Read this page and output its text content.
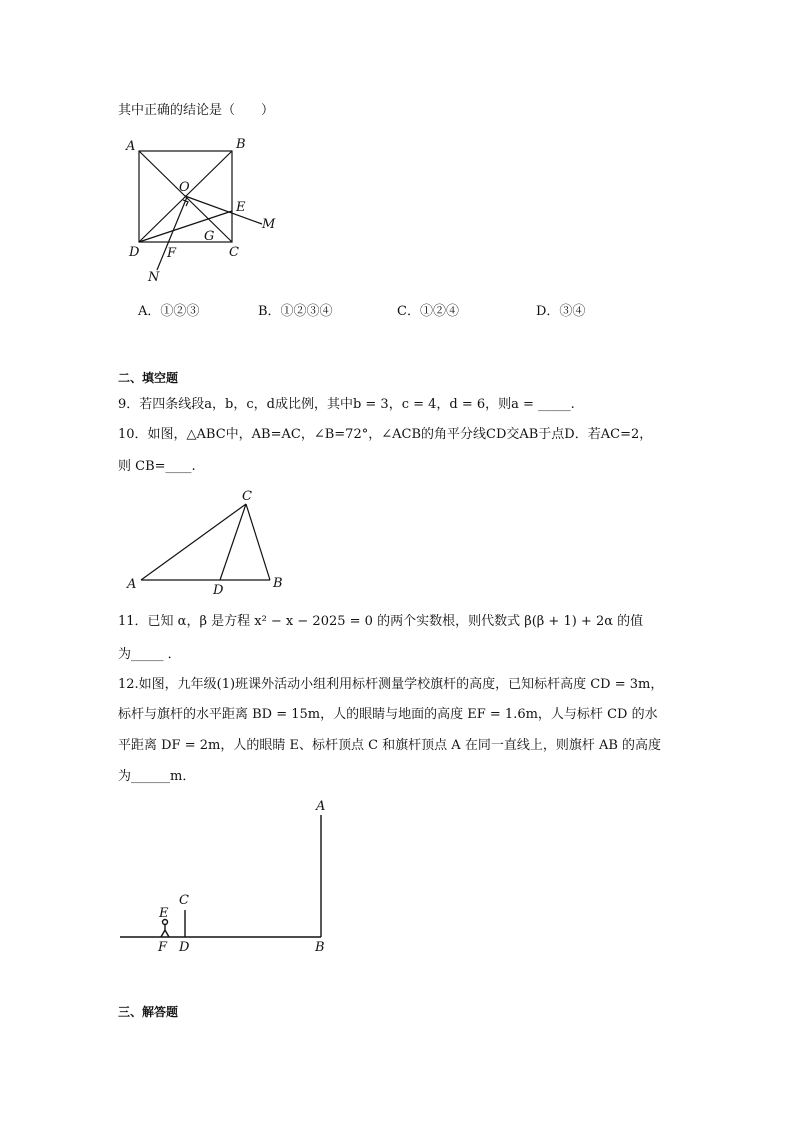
其中正确的结论是（　　）
A	B
O
E
M
G
D F	C
N
A．①②③	B．①②③④	C．①②④	D．③④
二、填空题
9．若四条线段a，b，c，d成比例，其中b = 3，c = 4，d = 6，则a = _____.
10．如图，△ABC中，AB=AC，∠B=72°，∠ACB的角平分线CD交AB于点D．若AC=2，
则 CB=____.
C
A	D	B
11．已知 α，β 是方程 x² − x − 2025 = 0 的两个实数根，则代数式 β(β + 1) + 2α 的值
为_____ ．
12.如图，九年级(1)班课外活动小组利用标杆测量学校旗杆的高度，已知标杆高度 CD = 3m，
标杆与旗杆的水平距离 BD = 15m，人的眼睛与地面的高度 EF = 1.6m，人与标杆 CD 的水
平距离 DF = 2m，人的眼睛 E、标杆顶点 C 和旗杆顶点 A 在同一直线上，则旗杆 AB 的高度
为______m．
A
C
E
F D	B
三、解答题
